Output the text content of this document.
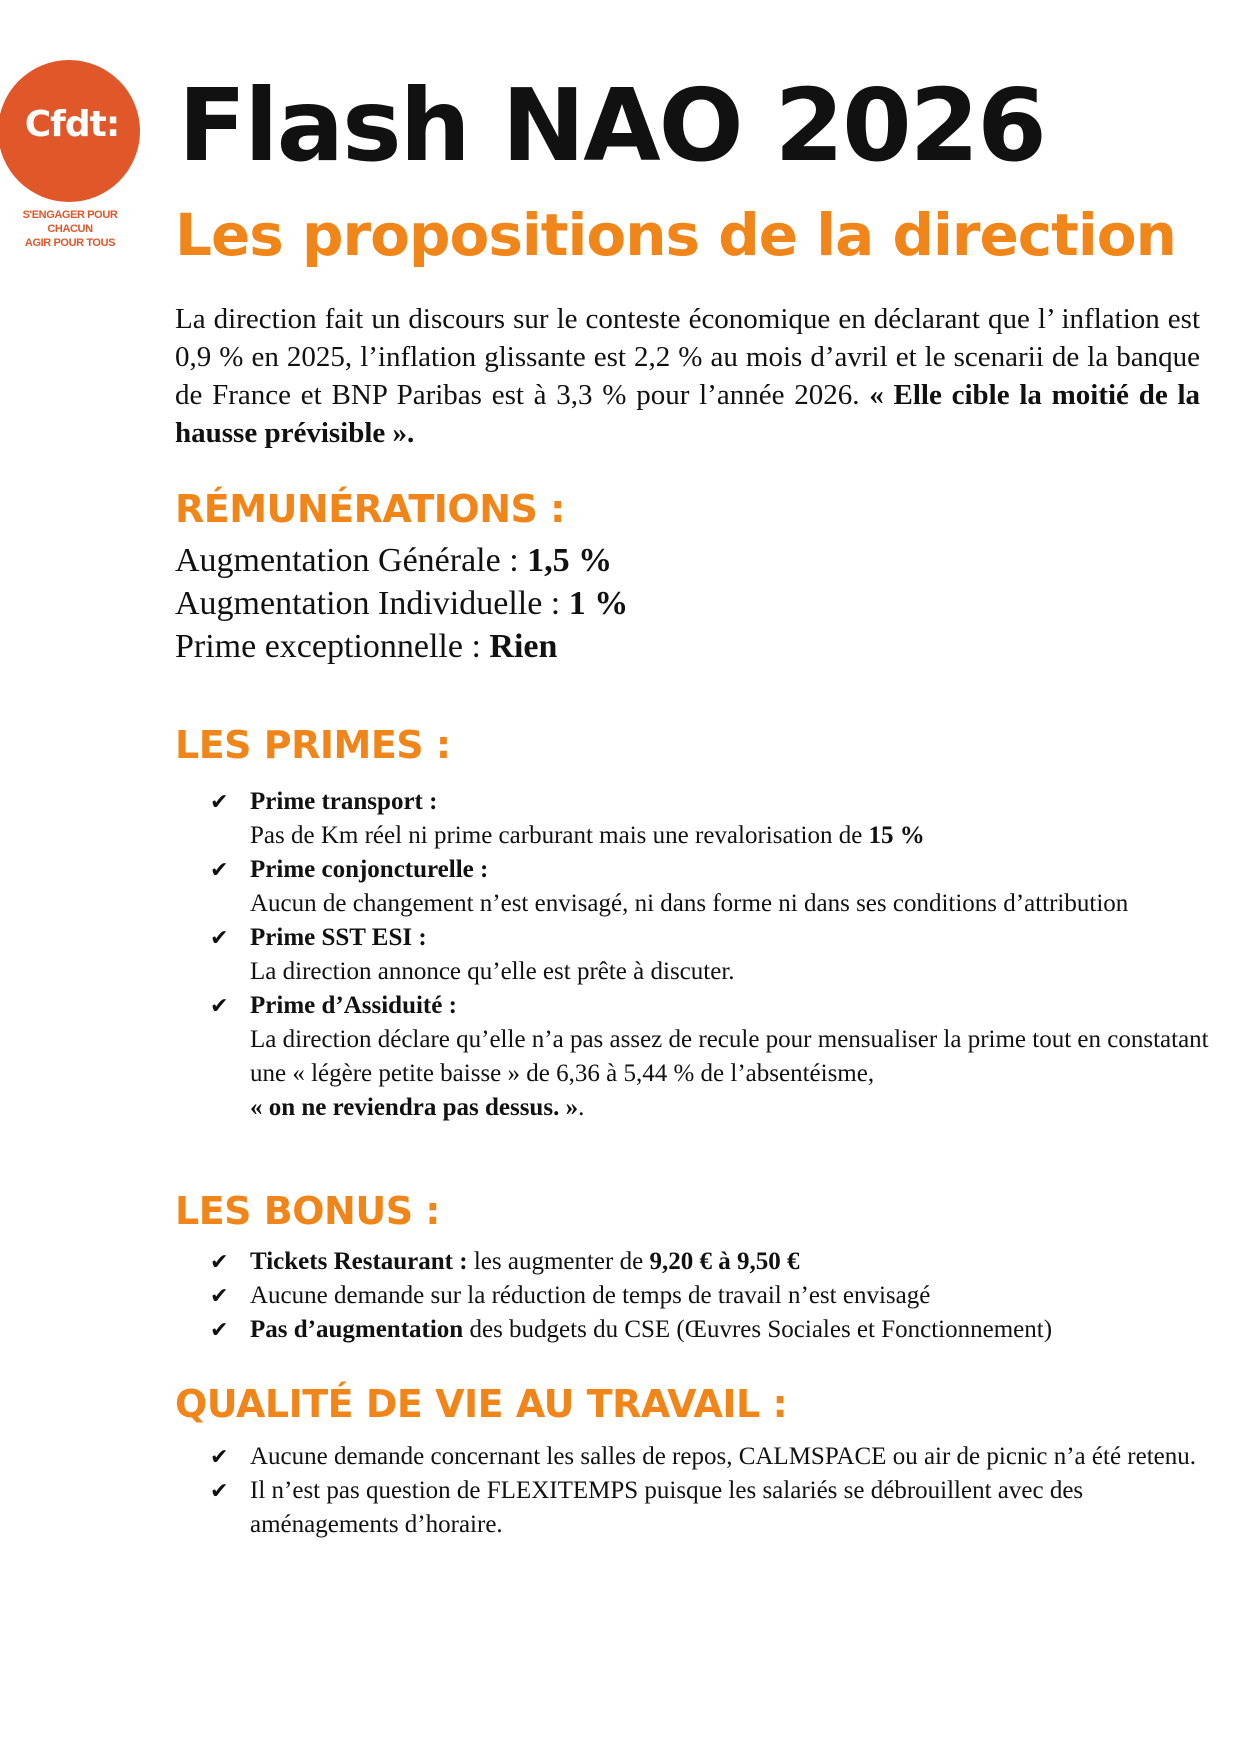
Cfdt:
S'ENGAGER POUR CHACUN
AGIR POUR TOUS
Flash NAO 2026
Les propositions de la direction

La direction fait un discours sur le conteste économique en déclarant que l’ inflation est 0,9 % en 2025, l’inflation glissante est 2,2 % au mois d’avril et le scenarii de la banque de France et BNP Paribas est à 3,3 % pour l’année 2026. « Elle cible la moitié de la hausse prévisible ».

RÉMUNÉRATIONS :
Augmentation Générale : 1,5 %
Augmentation Individuelle : 1 %
Prime exceptionnelle : Rien
LES PRIMES :
✔ Prime transport :
Pas de Km réel ni prime carburant mais une revalorisation de 15 %
✔ Prime conjoncturelle :
Aucun de changement n’est envisagé, ni dans forme ni dans ses conditions d’attribution
✔ Prime SST ESI :
La direction annonce qu’elle est prête à discuter.
✔ Prime d’Assiduité :
La direction déclare qu’elle n’a pas assez de recule pour mensualiser la prime tout en constatant une « légère petite baisse » de 6,36 à 5,44 % de l’absentéisme,
« on ne reviendra pas dessus. ».
LES BONUS :
✔ Tickets Restaurant : les augmenter de 9,20 € à 9,50 €
✔ Aucune demande sur la réduction de temps de travail n’est envisagé
✔ Pas d’augmentation des budgets du CSE (Œuvres Sociales et Fonctionnement)
QUALITÉ DE VIE AU TRAVAIL :
✔ Aucune demande concernant les salles de repos, CALMSPACE ou air de picnic n’a été retenu.
✔ Il n’est pas question de FLEXITEMPS puisque les salariés se débrouillent avec des aménagements d’horaire.
